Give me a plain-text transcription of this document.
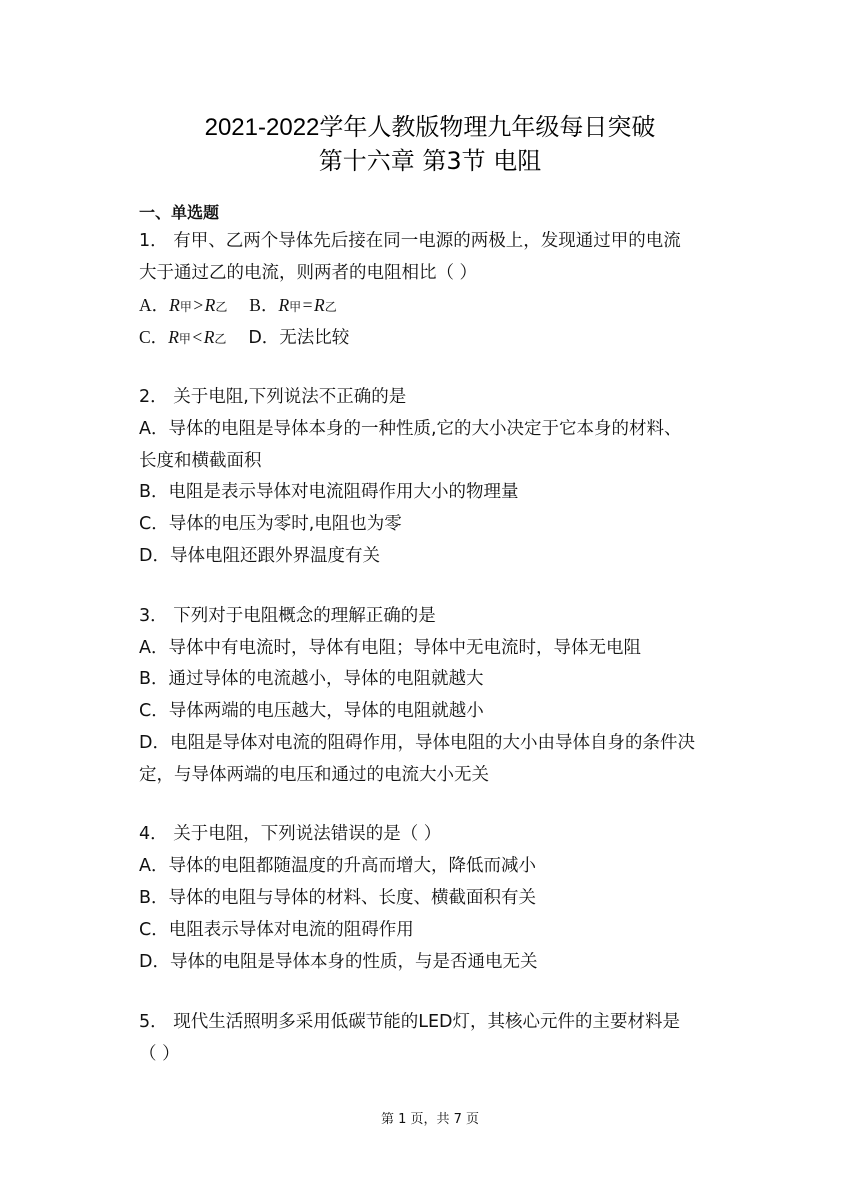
2021-2022学年人教版物理九年级每日突破
第十六章 第3节 电阻
一、单选题
1． 有甲、乙两个导体先后接在同一电源的两极上，发现通过甲的电流
大于通过乙的电流，则两者的电阻相比（ ）
A．R甲 > R乙 B．R甲 = R乙
C．R甲 < R乙 D．无法比较
2． 关于电阻,下列说法不正确的是
A．导体的电阻是导体本身的一种性质,它的大小决定于它本身的材料、
长度和横截面积
B．电阻是表示导体对电流阻碍作用大小的物理量
C．导体的电压为零时,电阻也为零
D．导体电阻还跟外界温度有关
3． 下列对于电阻概念的理解正确的是
A．导体中有电流时，导体有电阻；导体中无电流时，导体无电阻
B．通过导体的电流越小，导体的电阻就越大
C．导体两端的电压越大，导体的电阻就越小
D．电阻是导体对电流的阻碍作用，导体电阻的大小由导体自身的条件决
定，与导体两端的电压和通过的电流大小无关
4． 关于电阻，下列说法错误的是（ ）
A．导体的电阻都随温度的升高而增大，降低而减小
B．导体的电阻与导体的材料、长度、横截面积有关
C．电阻表示导体对电流的阻碍作用
D．导体的电阻是导体本身的性质，与是否通电无关
5． 现代生活照明多采用低碳节能的LED灯，其核心元件的主要材料是
（ ）
第 1 页，共 7 页
